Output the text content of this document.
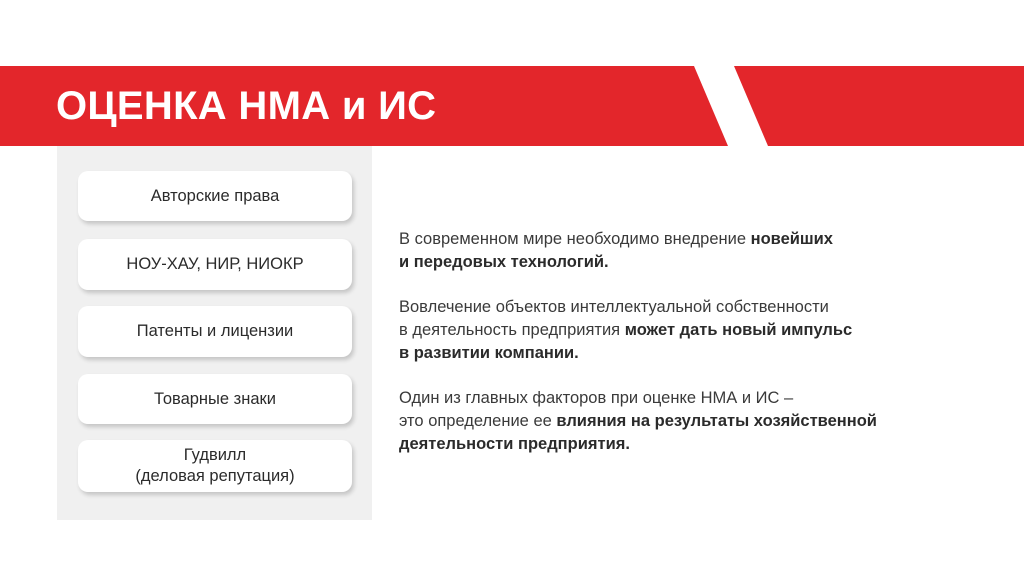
ОЦЕНКА НМА и ИС
Авторские права
НОУ-ХАУ, НИР, НИОКР
Патенты и лицензии
Товарные знаки
Гудвилл
(деловая репутация)
В современном мире необходимо внедрение новейших
и передовых технологий.
Вовлечение объектов интеллектуальной собственности
в деятельность предприятия может дать новый импульс
в развитии компании.
Один из главных факторов при оценке НМА и ИС –
это определение ее влияния на результаты хозяйственной
деятельности предприятия.
